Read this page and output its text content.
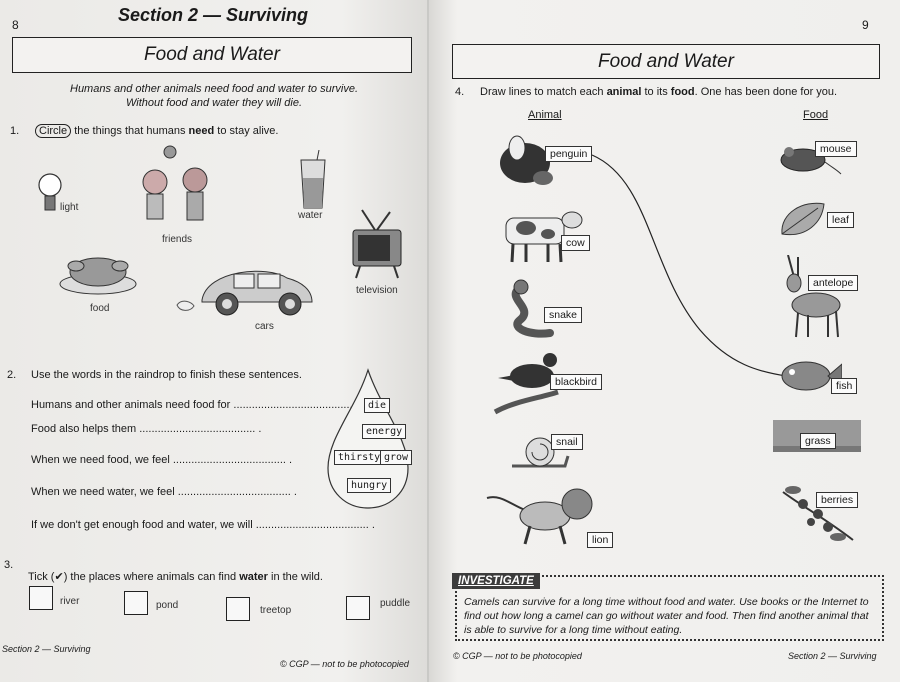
8	Section 2 — Surviving
Food and Water
Humans and other animals need food and water to survive.
Without food and water they will die.
1.	Circle the things that humans need to stay alive.
light
friends
water
television
food
cars
2. Use the words in the raindrop to finish these sentences.
Humans and other animals need food for .......................................
Food also helps them ...................................... .
When we need food, we feel ..................................... .
When we need water, we feel ..................................... .
If we don't get enough food and water, we will ..................................... .
die
energy
thirsty grow
hungry
3.
Tick (✔) the places where animals can find water in the wild.
river	pond	treetop
puddle
Section 2 — Surviving
© CGP — not to be photocopied
9
Food and Water
4. Draw lines to match each animal to its food. One has been done for you.
Animal	Food
penguin
cow
snake
blackbird
snail
lion
mouse
leaf
antelope
fish
grass
berries
INVESTIGATE
Camels can survive for a long time without food and water. Use books or the Internet to find out how long a camel can go without water and food. Then find another animal that is able to survive for a long time without eating.
© CGP — not to be photocopied	Section 2 — Surviving
